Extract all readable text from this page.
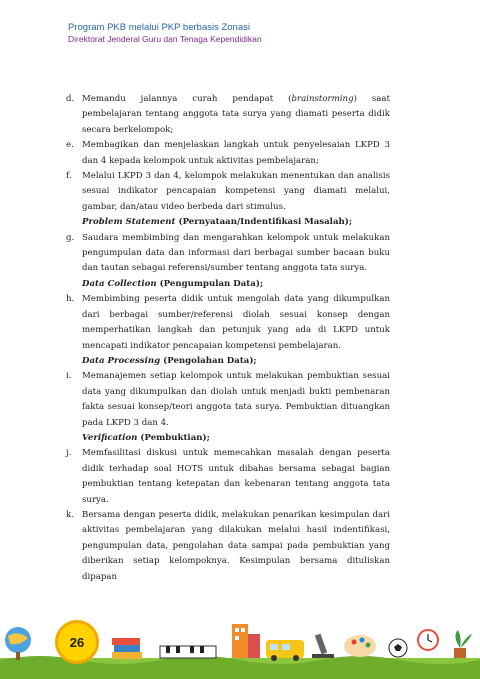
Program PKB melalui PKP berbasis Zonasi
Direktorat Jenderal Guru dan Tenaga Kependidikan
d. Memandu jalannya curah pendapat (brainstorming) saat pembelajaran tentang anggota tata surya yang diamati peserta didik secara berkelompok;
e. Membagikan dan menjelaskan langkah untuk penyelesaian LKPD 3 dan 4 kepada kelompok untuk aktivitas pembelajaran;
f.	Melalui LKPD 3 dan 4, kelompok melakukan menentukan dan analisis sesuai indikator pencapaian kompetensi yang diamati melalui, gambar, dan/atau video berbeda dari stimulus.
Problem Statement (Pernyataan/Indentifikasi Masalah);
g. Saudara membimbing dan mengarahkan kelompok untuk melakukan pengumpulan data dan informasi dari berbagai sumber bacaan buku dan tautan sebagai referensi/sumber tentang anggota tata surya.
Data Collection (Pengumpulan Data);
h. Membimbing peserta didik untuk mengolah data yang dikumpulkan dari berbagai sumber/referensi diolah sesuai konsep dengan memperhatikan langkah dan petunjuk yang ada di LKPD untuk mencapati indikator pencapaian kompetensi pembelajaran.
Data Processing (Pengolahan Data);
i.	Memanajemen setiap kelompok untuk melakukan pembuktian sesuai data yang dikumpulkan dan diolah untuk menjadi bukti pembenaran fakta sesuai konsep/teori anggota tata surya. Pembuktian dituangkan pada LKPD 3 dan 4.
Verification (Pembuktian);
j.	Memfasilitasi diskusi untuk memecahkan masalah dengan peserta didik terhadap soal HOTS untuk dibahas bersama sebagai bagian pembuktian tentang ketepatan dan kebenaran tentang anggota tata surya.
k. Bersama dengan peserta didik, melakukan penarikan kesimpulan dari aktivitas pembelajaran yang dilakukan melalui hasil indentifikasi, pengumpulan data, pengolahan data sampai pada pembuktian yang diberikan setiap kelompoknya. Kesimpulan bersama dituliskan dipapan
26
